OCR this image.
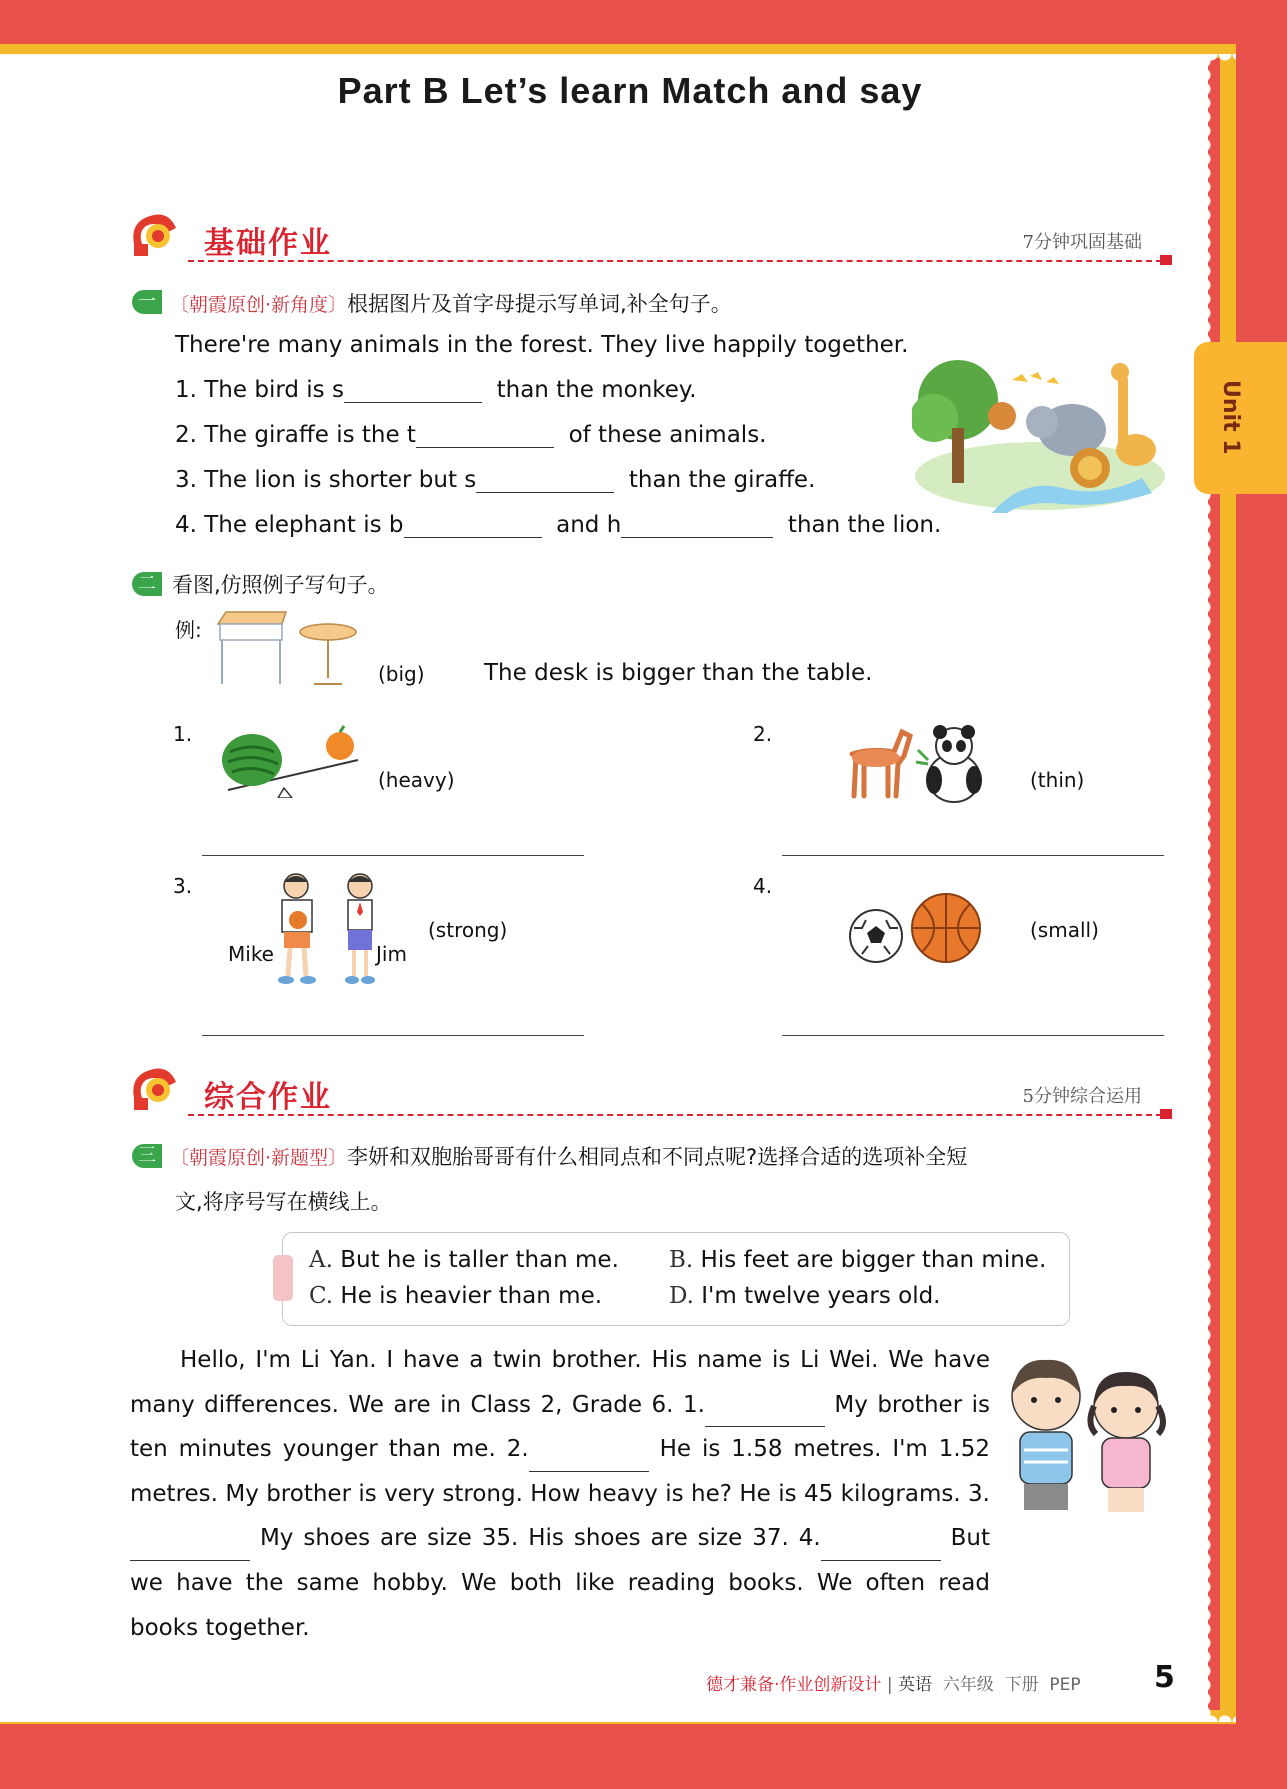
Unit 1
Part B Let’s learn Match and say
基础作业	7分钟巩固基础
一 〔朝霞原创·新角度〕根据图片及首字母提示写单词,补全句子。
There're many animals in the forest. They live happily together.
1. The bird is s	than the monkey.
2. The giraffe is the t	of these animals.
3. The lion is shorter but s	than the giraffe.
4. The elephant is b	and h	than the lion.
二 看图,仿照例子写句子。
例:
(big)	The desk is bigger than the table.
1.
(heavy)
2.
(thin)
3.
Mike	Jim
(strong)
4.
(small)
综合作业	5分钟综合运用
三 〔朝霞原创·新题型〕李妍和双胞胎哥哥有什么相同点和不同点呢?选择合适的选项补全短
文,将序号写在横线上。
A. But he is taller than me. B. His feet are bigger than mine.
C. He is heavier than me.	D. I'm twelve years old.

Hello, I'm Li Yan. I have a twin brother. His name is Li Wei. We have many differences. We are in Class 2, Grade 6. 1.	My brother is ten minutes younger than me. 2.	He is 1.58 metres. I'm 1.52 metres. My brother is very strong. How heavy is he? He is 45 kilograms. 3. My shoes are size 35. His shoes are size 37. 4.	But we have the same hobby. We both like reading books. We often read books together.

德才兼备·作业创新设计 | 英语 六年级 下册 PEP 5
